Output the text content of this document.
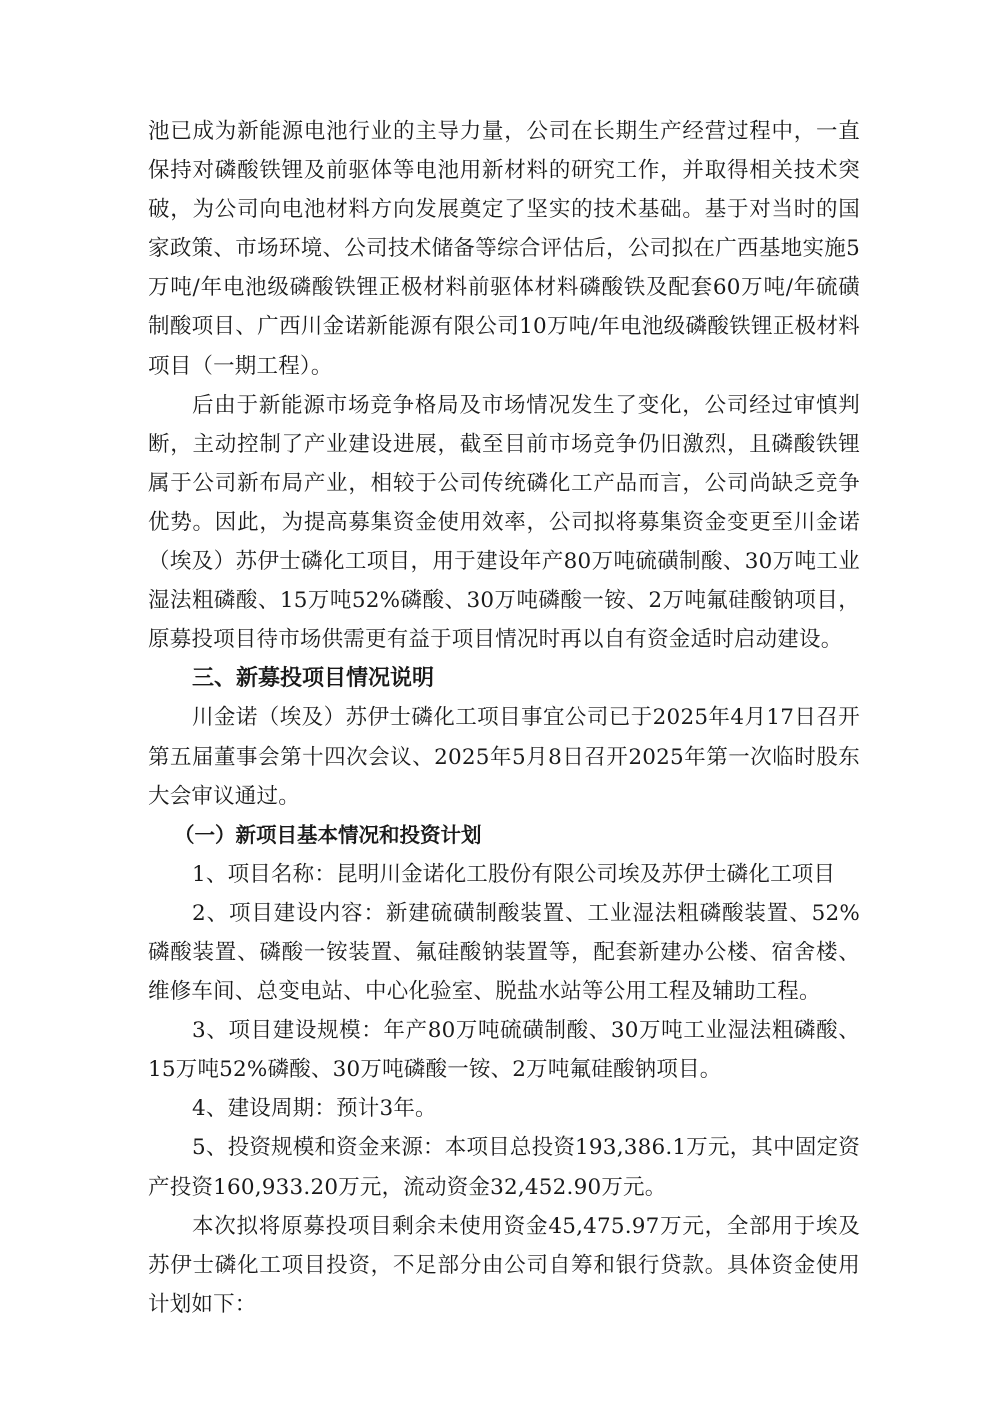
池已成为新能源电池行业的主导力量，公司在长期生产经营过程中，一直保持对磷酸铁锂及前驱体等电池用新材料的研究工作，并取得相关技术突破，为公司向电池材料方向发展奠定了坚实的技术基础。基于对当时的国家政策、市场环境、公司技术储备等综合评估后，公司拟在广西基地实施5万吨/年电池级磷酸铁锂正极材料前驱体材料磷酸铁及配套60万吨/年硫磺制酸项目、广西川金诺新能源有限公司10万吨/年电池级磷酸铁锂正极材料项目（一期工程）。

后由于新能源市场竞争格局及市场情况发生了变化，公司经过审慎判断，主动控制了产业建设进展，截至目前市场竞争仍旧激烈，且磷酸铁锂属于公司新布局产业，相较于公司传统磷化工产品而言，公司尚缺乏竞争优势。因此，为提高募集资金使用效率，公司拟将募集资金变更至川金诺（埃及）苏伊士磷化工项目，用于建设年产80万吨硫磺制酸、30万吨工业湿法粗磷酸、15万吨52%磷酸、30万吨磷酸一铵、2万吨氟硅酸钠项目，原募投项目待市场供需更有益于项目情况时再以自有资金适时启动建设。

三、新募投项目情况说明

川金诺（埃及）苏伊士磷化工项目事宜公司已于2025年4月17日召开第五届董事会第十四次会议、2025年5月8日召开2025年第一次临时股东大会审议通过。

（一）新项目基本情况和投资计划

1、项目名称：昆明川金诺化工股份有限公司埃及苏伊士磷化工项目

2、项目建设内容：新建硫磺制酸装置、工业湿法粗磷酸装置、52%磷酸装置、磷酸一铵装置、氟硅酸钠装置等，配套新建办公楼、宿舍楼、维修车间、总变电站、中心化验室、脱盐水站等公用工程及辅助工程。

3、项目建设规模：年产80万吨硫磺制酸、30万吨工业湿法粗磷酸、15万吨52%磷酸、30万吨磷酸一铵、2万吨氟硅酸钠项目。

4、建设周期：预计3年。

5、投资规模和资金来源：本项目总投资193,386.1万元，其中固定资产投资160,933.20万元，流动资金32,452.90万元。

本次拟将原募投项目剩余未使用资金45,475.97万元，全部用于埃及苏伊士磷化工项目投资，不足部分由公司自筹和银行贷款。具体资金使用计划如下：
